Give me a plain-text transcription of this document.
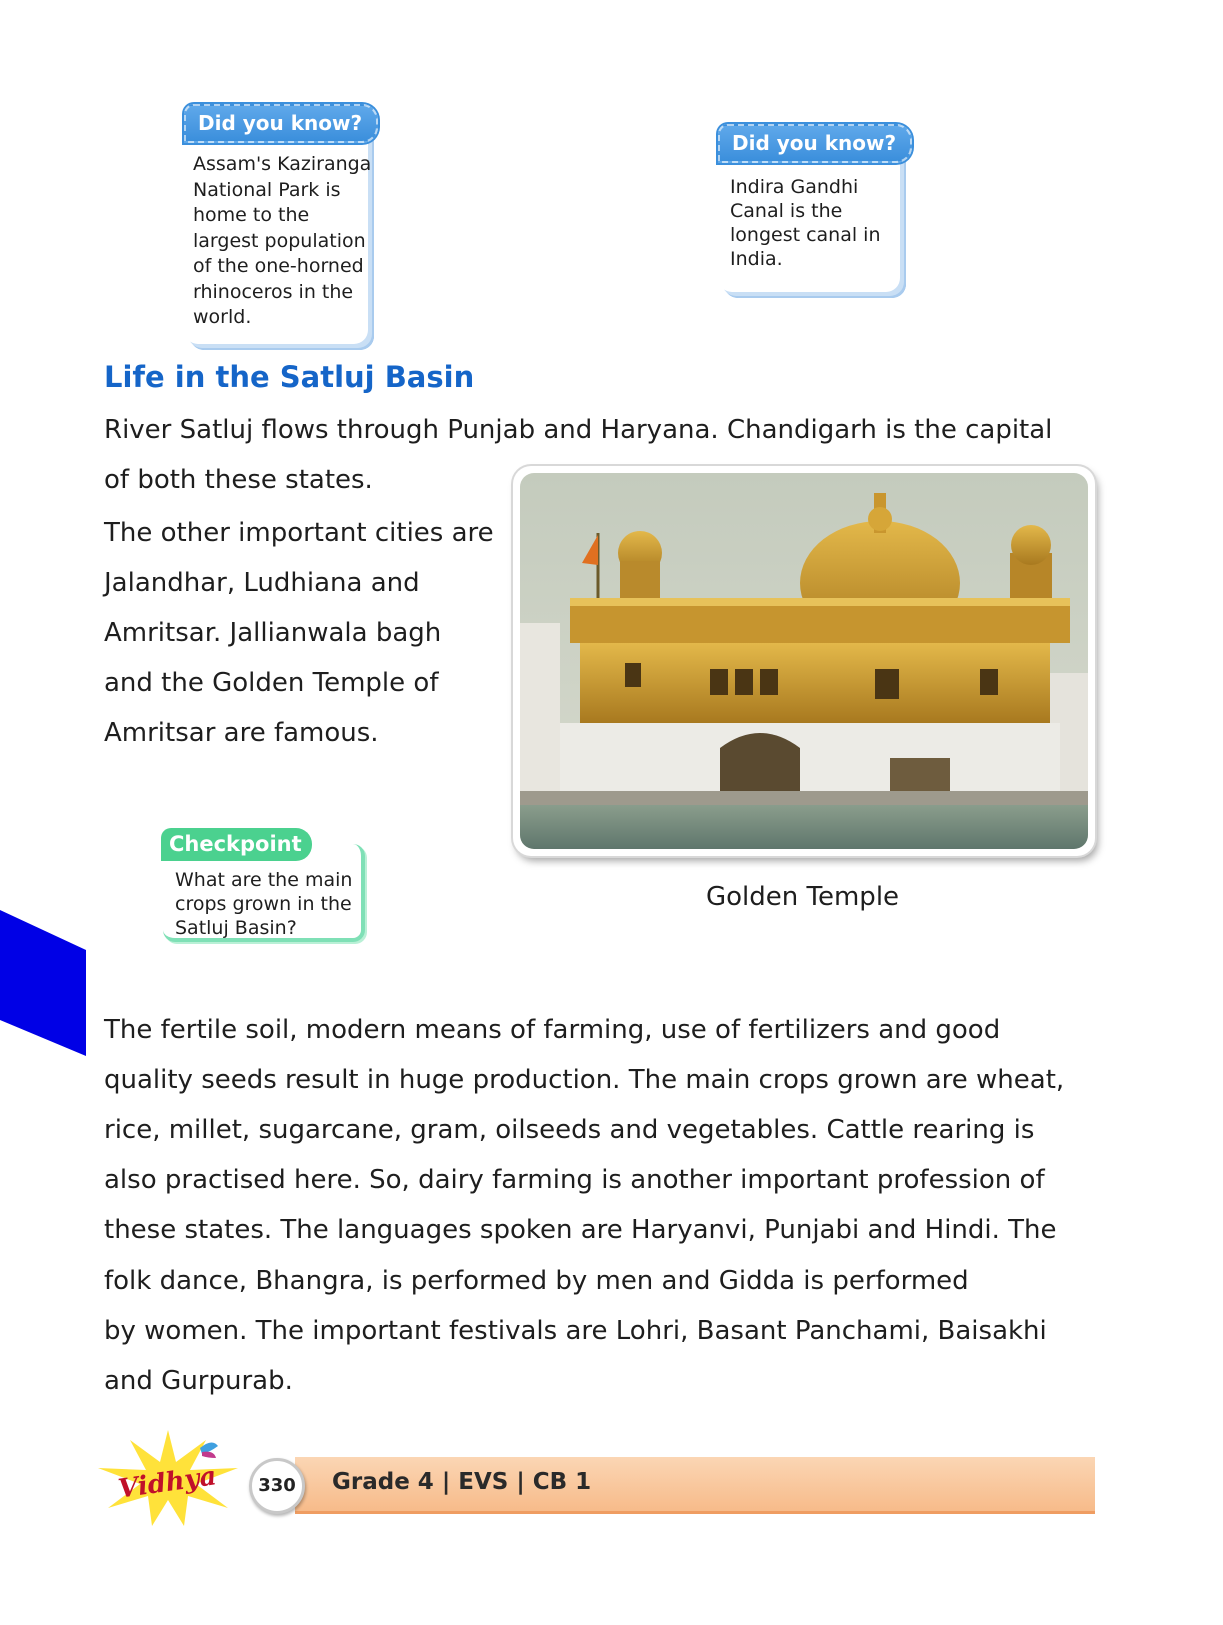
Did you know?
Assam's Kaziranga
National Park is
home to the
largest population
of the one-horned
rhinoceros in the
world.
Did you know?
Indira Gandhi
Canal is the
longest canal in
India.
Life in the Satluj Basin
River Satluj flows through Punjab and Haryana. Chandigarh is the capital
of both these states.
The other important cities are
Jalandhar, Ludhiana and
Amritsar. Jallianwala bagh
and the Golden Temple of
Amritsar are famous.
Golden Temple
Checkpoint
What are the main
crops grown in the
Satluj Basin?
The fertile soil, modern means of farming, use of fertilizers and good
quality seeds result in huge production. The main crops grown are wheat,
rice, millet, sugarcane, gram, oilseeds and vegetables. Cattle rearing is
also practised here. So, dairy farming is another important profession of
these states. The languages spoken are Haryanvi, Punjabi and Hindi. The
folk dance, Bhangra, is performed by men and Gidda is performed
by women. The important festivals are Lohri, Basant Panchami, Baisakhi
and Gurpurab.
Vidhya	330	Grade 4 | EVS | CB 1
